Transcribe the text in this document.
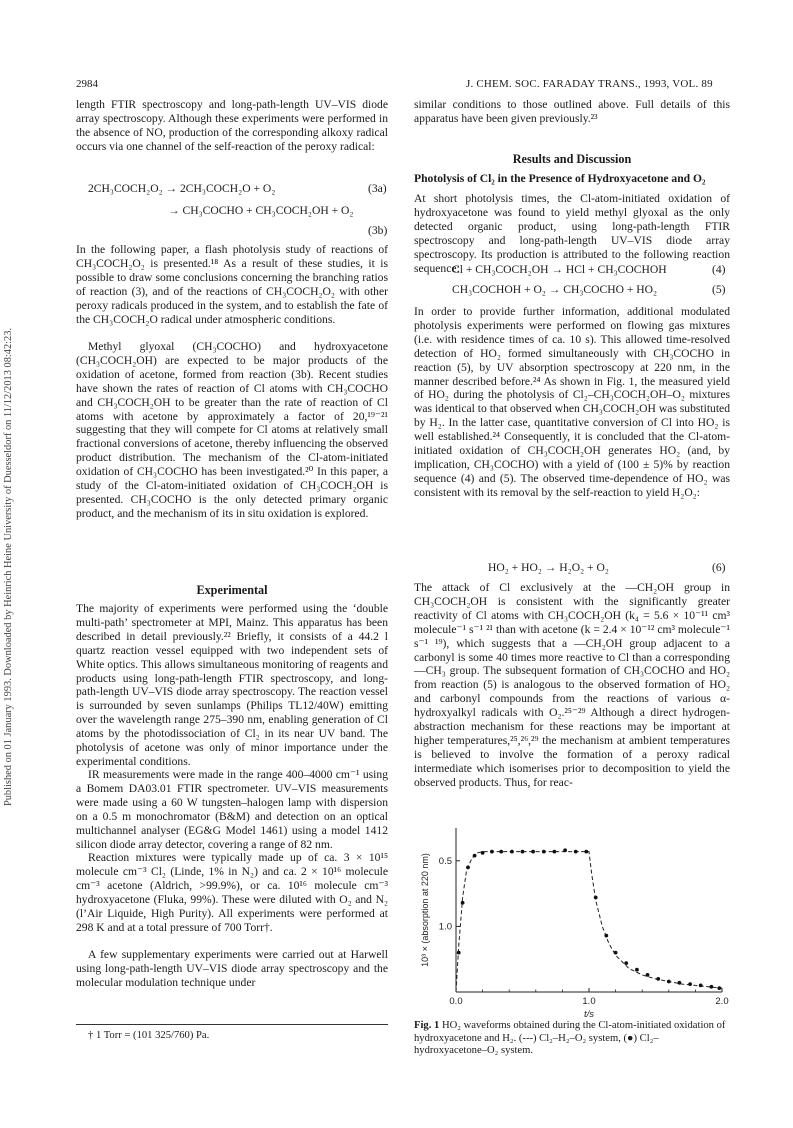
2984	J. CHEM. SOC. FARADAY TRANS., 1993, VOL. 89
Published on 01 January 1993. Downloaded by Heinrich Heine University of Duesseldorf on 11/12/2013 08:42:23.
length FTIR spectroscopy and long-path-length UV–VIS diode array spectroscopy. Although these experiments were performed in the absence of NO, production of the corresponding alkoxy radical occurs via one channel of the self-reaction of the peroxy radical:
2CH₃COCH₂O₂ → 2CH₃COCH₂O + O₂	(3a)
→ CH₃COCHO + CH₃COCH₂OH + O₂
(3b)
In the following paper, a flash photolysis study of reactions of CH₃COCH₂O₂ is presented.¹⁸ As a result of these studies, it is possible to draw some conclusions concerning the branching ratios of reaction (3), and of the reactions of CH₃COCH₂O₂ with other peroxy radicals produced in the system, and to establish the fate of the CH₃COCH₂O radical under atmospheric conditions.
Methyl glyoxal (CH₃COCHO) and hydroxyacetone (CH₃COCH₂OH) are expected to be major products of the oxidation of acetone, formed from reaction (3b). Recent studies have shown the rates of reaction of Cl atoms with CH₃COCHO and CH₃COCH₂OH to be greater than the rate of reaction of Cl atoms with acetone by approximately a factor of 20,¹⁹⁻²¹ suggesting that they will compete for Cl atoms at relatively small fractional conversions of acetone, thereby influencing the observed product distribution. The mechanism of the Cl-atom-initiated oxidation of CH₃COCHO has been investigated.²⁰ In this paper, a study of the Cl-atom-initiated oxidation of CH₃COCH₂OH is presented. CH₃COCHO is the only detected primary organic product, and the mechanism of its in situ oxidation is explored.
Experimental
The majority of experiments were performed using the ‘double multi-path’ spectrometer at MPI, Mainz. This apparatus has been described in detail previously.²² Briefly, it consists of a 44.2 l quartz reaction vessel equipped with two independent sets of White optics. This allows simultaneous monitoring of reagents and products using long-path-length FTIR spectroscopy, and long-path-length UV–VIS diode array spectroscopy. The reaction vessel is surrounded by seven sunlamps (Philips TL12/40W) emitting over the wavelength range 275–390 nm, enabling generation of Cl atoms by the photodissociation of Cl₂ in its near UV band. The photolysis of acetone was only of minor importance under the experimental conditions.
IR measurements were made in the range 400–4000 cm⁻¹ using a Bomem DA03.01 FTIR spectrometer. UV–VIS measurements were made using a 60 W tungsten–halogen lamp with dispersion on a 0.5 m monochromator (B&M) and detection on an optical multichannel analyser (EG&G Model 1461) using a model 1412 silicon diode array detector, covering a range of 82 nm.
Reaction mixtures were typically made up of ca. 3 × 10¹⁵ molecule cm⁻³ Cl₂ (Linde, 1% in N₂) and ca. 2 × 10¹⁶ molecule cm⁻³ acetone (Aldrich, >99.9%), or ca. 10¹⁶ molecule cm⁻³ hydroxyacetone (Fluka, 99%). These were diluted with O₂ and N₂ (l’Air Liquide, High Purity). All experiments were performed at 298 K and at a total pressure of 700 Torr†.
A few supplementary experiments were carried out at Harwell using long-path-length UV–VIS diode array spectroscopy and the molecular modulation technique under
† 1 Torr = (101 325/760) Pa.
similar conditions to those outlined above. Full details of this apparatus have been given previously.²³
Results and Discussion
Photolysis of Cl₂ in the Presence of Hydroxyacetone and O₂
At short photolysis times, the Cl-atom-initiated oxidation of hydroxyacetone was found to yield methyl glyoxal as the only detected organic product, using long-path-length FTIR spectroscopy and long-path-length UV–VIS diode array spectroscopy. Its production is attributed to the following reaction sequence:
Cl + CH₃COCH₂OH → HCl + CH₃COCHOH	(4)
CH₃COCHOH + O₂ → CH₃COCHO + HO₂	(5)
In order to provide further information, additional modulated photolysis experiments were performed on flowing gas mixtures (i.e. with residence times of ca. 10 s). This allowed time-resolved detection of HO₂ formed simultaneously with CH₃COCHO in reaction (5), by UV absorption spectroscopy at 220 nm, in the manner described before.²⁴ As shown in Fig. 1, the measured yield of HO₂ during the photolysis of Cl₂–CH₃COCH₂OH–O₂ mixtures was identical to that observed when CH₃COCH₂OH was substituted by H₂. In the latter case, quantitative conversion of Cl into HO₂ is well established.²⁴ Consequently, it is concluded that the Cl-atom-initiated oxidation of CH₃COCH₂OH generates HO₂ (and, by implication, CH₃COCHO) with a yield of (100 ± 5)% by reaction sequence (4) and (5). The observed time-dependence of HO₂ was consistent with its removal by the self-reaction to yield H₂O₂:
HO₂ + HO₂ → H₂O₂ + O₂	(6)
The attack of Cl exclusively at the —CH₂OH group in CH₃COCH₂OH is consistent with the significantly greater reactivity of Cl atoms with CH₃COCH₂OH (k₄ = 5.6 × 10⁻¹¹ cm³ molecule⁻¹ s⁻¹ ²¹ than with acetone (k = 2.4 × 10⁻¹² cm³ molecule⁻¹ s⁻¹ ¹⁹), which suggests that a —CH₂OH group adjacent to a carbonyl is some 40 times more reactive to Cl than a corresponding —CH₃ group. The subsequent formation of CH₃COCHO and HO₂ from reaction (5) is analogous to the observed formation of HO₂ and carbonyl compounds from the reactions of various α-hydroxyalkyl radicals with O₂.²⁵⁻²⁹ Although a direct hydrogen-abstraction mechanism for these reactions may be important at higher temperatures,²⁵,²⁶,²⁹ the mechanism at ambient temperatures is believed to involve the formation of a peroxy radical intermediate which isomerises prior to decomposition to yield the observed products. Thus, for reac-
0.0	1.0	2.0
1.0
0.5
t/s
10³ × (absorption at 220 nm)
Fig. 1 HO₂ waveforms obtained during the Cl-atom-initiated oxidation of hydroxyacetone and H₂. (---) Cl₂–H₂–O₂ system, (●) Cl₂–hydroxyacetone–O₂ system.
